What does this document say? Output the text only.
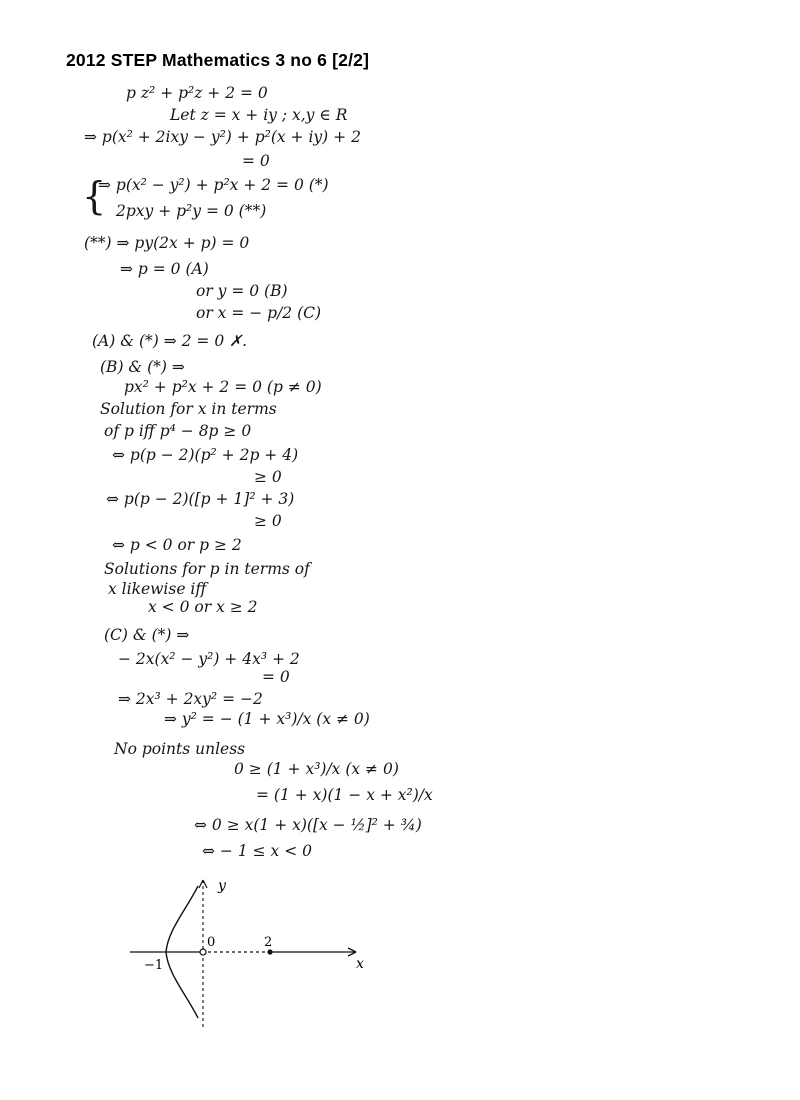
2012 STEP Mathematics 3 no 6 [2/2]
p z² + p²z + 2 = 0
Let z = x + iy ; x,y ∈ R
⇒ p(x² + 2ixy − y²) + p²(x + iy) + 2
= 0
{
⇒ p(x² − y²) + p²x + 2 = 0 (*)
2pxy + p²y = 0 (**)
(**) ⇒ py(2x + p) = 0
⇒ p = 0 (A)
or y = 0 (B)
or x = − p/2 (C)
(A) & (*) ⇒ 2 = 0 ✗.
(B) & (*) ⇒
px² + p²x + 2 = 0 (p ≠ 0)
Solution for x in terms
of p iff p⁴ − 8p ≥ 0
⇔ p(p − 2)(p² + 2p + 4)
≥ 0
⇔ p(p − 2)([p + 1]² + 3)
≥ 0
⇔ p < 0 or p ≥ 2
Solutions for p in terms of
x likewise iff
x < 0 or x ≥ 2
(C) & (*) ⇒
− 2x(x² − y²) + 4x³ + 2
= 0
⇒ 2x³ + 2xy² = −2
⇒ y² = − (1 + x³)/x (x ≠ 0)
No points unless
0 ≥ (1 + x³)/x (x ≠ 0)
= (1 + x)(1 − x + x²)/x
⇔ 0 ≥ x(1 + x)([x − ½]² + ¾)
⇔ − 1 ≤ x < 0
y
x
0
−1
2
